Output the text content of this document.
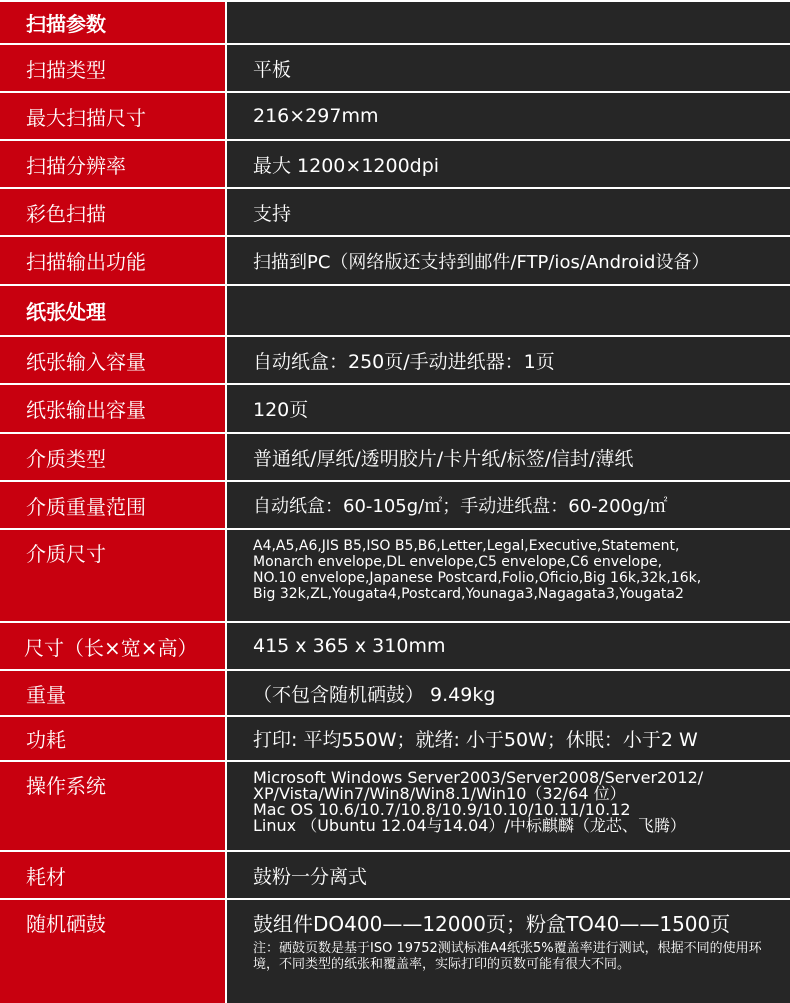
扫描参数
扫描类型	平板
最大扫描尺寸	216×297mm
扫描分辨率	最大 1200×1200dpi
彩色扫描	支持
扫描输出功能	扫描到PC（网络版还支持到邮件/FTP/ios/Android设备）
纸张处理
纸张输入容量	自动纸盒：250页/手动进纸器：1页
纸张输出容量	120页
介质类型	普通纸/厚纸/透明胶片/卡片纸/标签/信封/薄纸
介质重量范围	自动纸盒：60-105g/㎡；手动进纸盘：60-200g/㎡
介质尺寸	A4,A5,A6,JIS B5,ISO B5,B6,Letter,Legal,Executive,Statement,
Monarch envelope,DL envelope,C5 envelope,C6 envelope,
NO.10 envelope,Japanese Postcard,Folio,Oficio,Big 16k,32k,16k,
Big 32k,ZL,Yougata4,Postcard,Younaga3,Nagagata3,Yougata2
尺寸（长×宽×高）	415 x 365 x 310mm
重量	（不包含随机硒鼓） 9.49kg
功耗	打印: 平均550W；就绪: 小于50W；休眠：小于2 W
操作系统	Microsoft Windows Server2003/Server2008/Server2012/
XP/Vista/Win7/Win8/Win8.1/Win10（32/64 位）
Mac OS 10.6/10.7/10.8/10.9/10.10/10.11/10.12
Linux （Ubuntu 12.04与14.04）/中标麒麟（龙芯、飞腾）
耗材	鼓粉一分离式
随机硒鼓	鼓组件DO400——12000页；粉盒TO40——1500页
注：硒鼓页数是基于ISO 19752测试标准A4纸张5%覆盖率进行测试，根据不同的使用环境，不同类型的纸张和覆盖率，实际打印的页数可能有很大不同。
